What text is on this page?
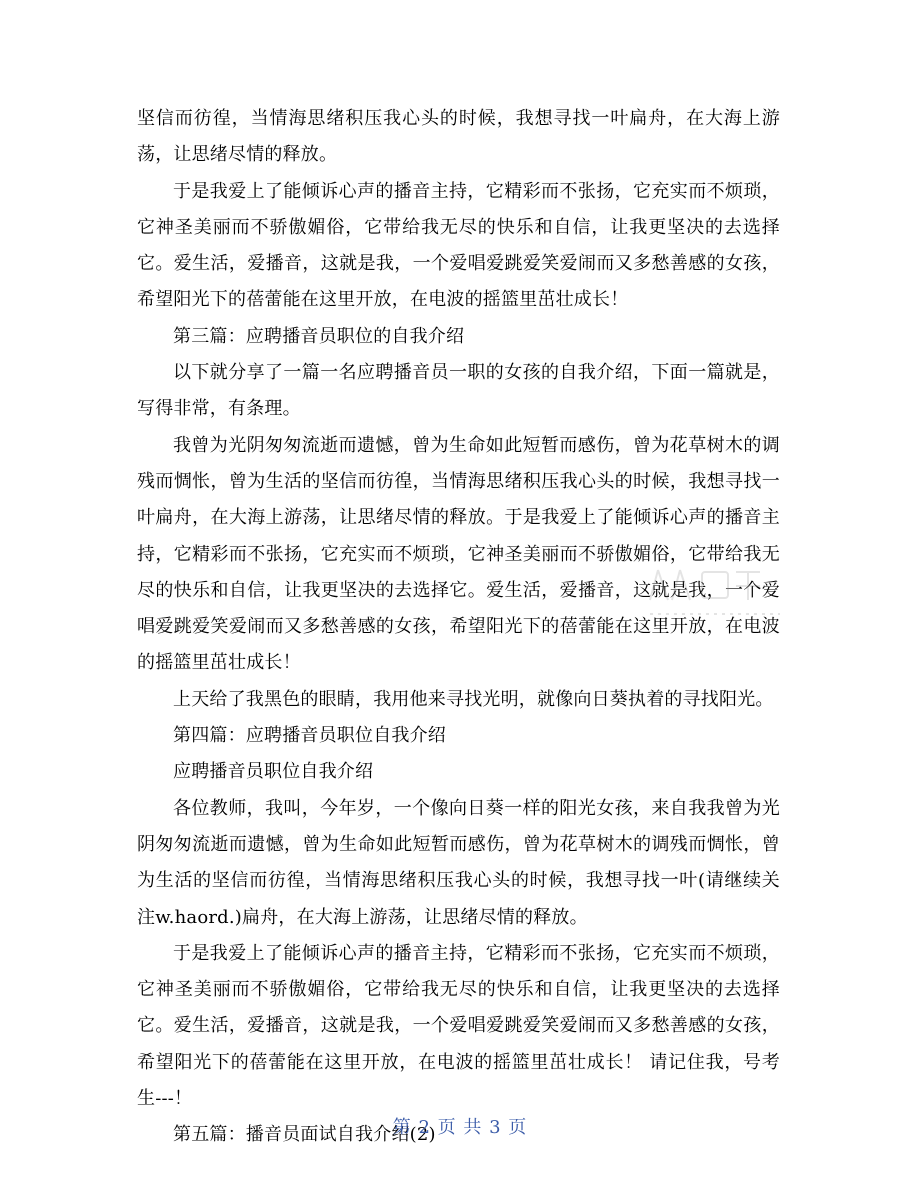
坚信而彷徨，当情海思绪积压我心头的时候，我想寻找一叶扁舟，在大海上游荡，让思绪尽情的释放。

于是我爱上了能倾诉心声的播音主持，它精彩而不张扬，它充实而不烦琐，它神圣美丽而不骄傲媚俗，它带给我无尽的快乐和自信，让我更坚决的去选择它。爱生活，爱播音，这就是我，一个爱唱爱跳爱笑爱闹而又多愁善感的女孩，希望阳光下的蓓蕾能在这里开放，在电波的摇篮里茁壮成长！

第三篇：应聘播音员职位的自我介绍

以下就分享了一篇一名应聘播音员一职的女孩的自我介绍，下面一篇就是，写得非常，有条理。

我曾为光阴匆匆流逝而遗憾，曾为生命如此短暂而感伤，曾为花草树木的调残而惆怅，曾为生活的坚信而彷徨，当情海思绪积压我心头的时候，我想寻找一叶扁舟，在大海上游荡，让思绪尽情的释放。于是我爱上了能倾诉心声的播音主持，它精彩而不张扬，它充实而不烦琐，它神圣美丽而不骄傲媚俗，它带给我无尽的快乐和自信，让我更坚决的去选择它。爱生活，爱播音，这就是我，一个爱唱爱跳爱笑爱闹而又多愁善感的女孩，希望阳光下的蓓蕾能在这里开放，在电波的摇篮里茁壮成长！

上天给了我黑色的眼睛，我用他来寻找光明，就像向日葵执着的寻找阳光。

第四篇：应聘播音员职位自我介绍

应聘播音员职位自我介绍

各位教师，我叫，今年岁，一个像向日葵一样的阳光女孩，来自我我曾为光阴匆匆流逝而遗憾，曾为生命如此短暂而感伤，曾为花草树木的调残而惆怅，曾为生活的坚信而彷徨，当情海思绪积压我心头的时候，我想寻找一叶(请继续关注w.haord.)扁舟，在大海上游荡，让思绪尽情的释放。

于是我爱上了能倾诉心声的播音主持，它精彩而不张扬，它充实而不烦琐，它神圣美丽而不骄傲媚俗，它带给我无尽的快乐和自信，让我更坚决的去选择它。爱生活，爱播音，这就是我，一个爱唱爱跳爱笑爱闹而又多愁善感的女孩，希望阳光下的蓓蕾能在这里开放，在电波的摇篮里茁壮成长！ 请记住我，号考生---！

第五篇：播音员面试自我介绍(2)

第 2 页 共 3 页
